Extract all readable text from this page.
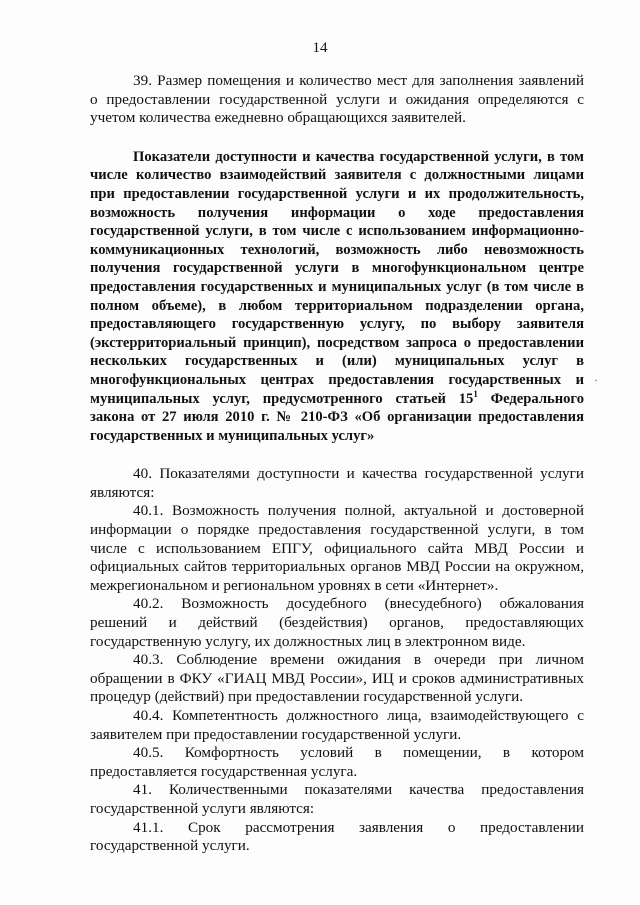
14

39. Размер помещения и количество мест для заполнения заявлений о предоставлении государственной услуги и ожидания определяются с учетом количества ежедневно обращающихся заявителей.

Показатели доступности и качества государственной услуги, в том числе количество взаимодействий заявителя с должностными лицами при предоставлении государственной услуги и их продолжительность, возможность получения информации о ходе предоставления государственной услуги, в том числе с использованием информационно-коммуникационных технологий, возможность либо невозможность получения государственной услуги в многофункциональном центре предоставления государственных и муниципальных услуг (в том числе в полном объеме), в любом территориальном подразделении органа, предоставляющего государственную услугу, по выбору заявителя (экстерриториальный принцип), посредством запроса о предоставлении нескольких государственных и (или) муниципальных услуг в многофункциональных центрах предоставления государственных и муниципальных услуг, предусмотренного статьей $15^1$ Федерального закона от 27 июля 2010 г. № 210-ФЗ «Об организации предоставления государственных и муниципальных услуг»

40. Показателями доступности и качества государственной услуги являются:

40.1. Возможность получения полной, актуальной и достоверной информации о порядке предоставления государственной услуги, в том числе с использованием ЕПГУ, официального сайта МВД России и официальных сайтов территориальных органов МВД России на окружном, межрегиональном и региональном уровнях в сети «Интернет».

40.2. Возможность досудебного (внесудебного) обжалования решений и действий (бездействия) органов, предоставляющих государственную услугу, их должностных лиц в электронном виде.

40.3. Соблюдение времени ожидания в очереди при личном обращении в ФКУ «ГИАЦ МВД России», ИЦ и сроков административных процедур (действий) при предоставлении государственной услуги.

40.4. Компетентность должностного лица, взаимодействующего с заявителем при предоставлении государственной услуги.

40.5. Комфортность условий в помещении, в котором предоставляется государственная услуга.

41. Количественными показателями качества предоставления государственной услуги являются:

41.1. Срок рассмотрения заявления о предоставлении государственной услуги.

·
